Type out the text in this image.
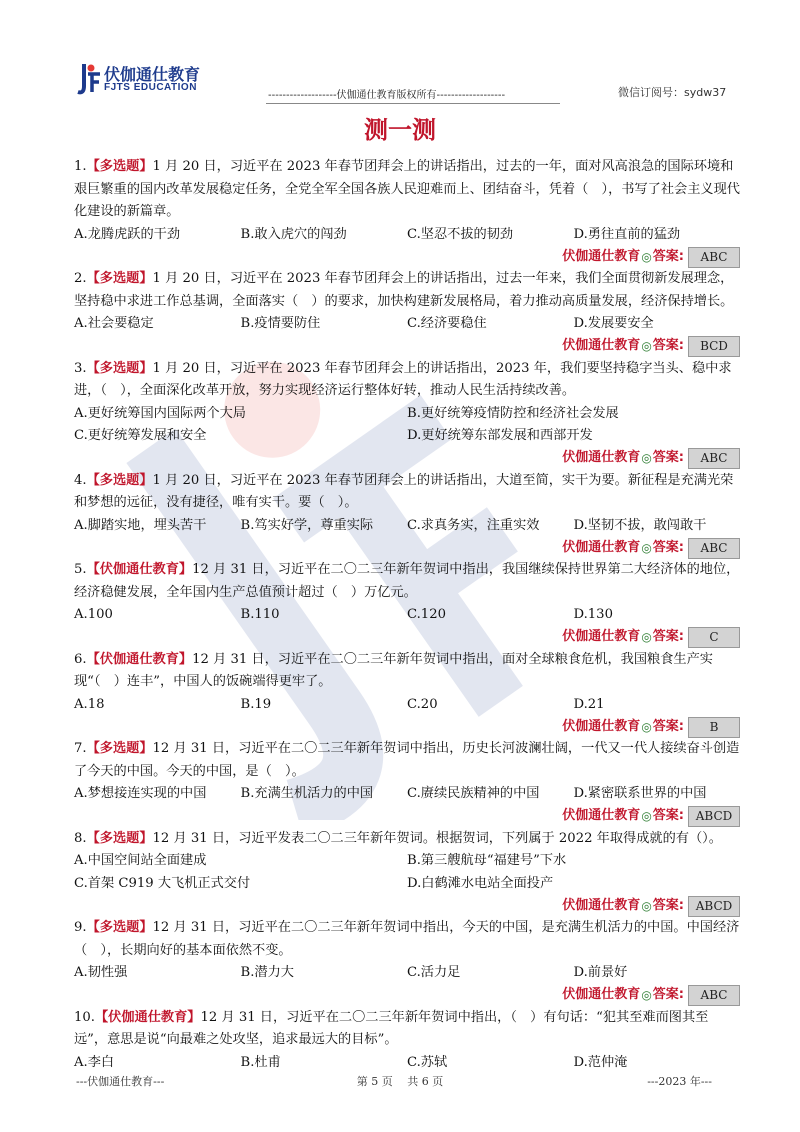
伏伽通仕教育
FJTS EDUCATION
-------------------伏伽通仕教育版权所有-------------------	微信订阅号：sydw37
测一测
1.【多选题】1 月 20 日，习近平在 2023 年春节团拜会上的讲话指出，过去的一年，面对风高浪急的国际环境和艰巨繁重的国内改革发展稳定任务，全党全军全国各族人民迎难而上、团结奋斗，凭着（　），书写了社会主义现代化建设的新篇章。
A.龙腾虎跃的干劲	B.敢入虎穴的闯劲	C.坚忍不拔的韧劲	D.勇往直前的猛劲
伏伽通仕教育 ◎ 答案:	ABC
2.【多选题】1 月 20 日，习近平在 2023 年春节团拜会上的讲话指出，过去一年来，我们全面贯彻新发展理念，坚持稳中求进工作总基调，全面落实（　）的要求，加快构建新发展格局，着力推动高质量发展，经济保持增长。
A.社会要稳定	B.疫情要防住	C.经济要稳住	D.发展要安全
伏伽通仕教育 ◎ 答案:	BCD
3.【多选题】1 月 20 日，习近平在 2023 年春节团拜会上的讲话指出，2023 年，我们要坚持稳字当头、稳中求进，（　），全面深化改革开放，努力实现经济运行整体好转，推动人民生活持续改善。
A.更好统筹国内国际两个大局	B.更好统筹疫情防控和经济社会发展
C.更好统筹发展和安全	D.更好统筹东部发展和西部开发
伏伽通仕教育 ◎ 答案:	ABC
4.【多选题】1 月 20 日，习近平在 2023 年春节团拜会上的讲话指出，大道至简，实干为要。新征程是充满光荣和梦想的远征，没有捷径，唯有实干。要（　）。
A.脚踏实地，埋头苦干	B.笃实好学，尊重实际	C.求真务实，注重实效	D.坚韧不拔，敢闯敢干
伏伽通仕教育 ◎ 答案:	ABC
5.【伏伽通仕教育】12 月 31 日，习近平在二〇二三年新年贺词中指出，我国继续保持世界第二大经济体的地位，经济稳健发展，全年国内生产总值预计超过（　）万亿元。
A.100	B.110	C.120	D.130
伏伽通仕教育 ◎ 答案:	C
6.【伏伽通仕教育】12 月 31 日，习近平在二〇二三年新年贺词中指出，面对全球粮食危机，我国粮食生产实现“（　）连丰”，中国人的饭碗端得更牢了。
A.18	B.19	C.20	D.21
伏伽通仕教育 ◎ 答案:	B
7.【多选题】12 月 31 日，习近平在二〇二三年新年贺词中指出，历史长河波澜壮阔，一代又一代人接续奋斗创造了今天的中国。今天的中国，是（　）。
A.梦想接连实现的中国	B.充满生机活力的中国	C.赓续民族精神的中国	D.紧密联系世界的中国
伏伽通仕教育 ◎ 答案: ABCD
8.【多选题】12 月 31 日，习近平发表二〇二三年新年贺词。根据贺词，下列属于 2022 年取得成就的有（）。
A.中国空间站全面建成	B.第三艘航母“福建号”下水
C.首架 C919 大飞机正式交付	D.白鹤滩水电站全面投产
伏伽通仕教育 ◎ 答案: ABCD
9.【多选题】12 月 31 日，习近平在二〇二三年新年贺词中指出，今天的中国，是充满生机活力的中国。中国经济（　），长期向好的基本面依然不变。
A.韧性强	B.潜力大	C.活力足	D.前景好
伏伽通仕教育 ◎ 答案:	ABC
10.【伏伽通仕教育】12 月 31 日，习近平在二〇二三年新年贺词中指出，（　）有句话：“犯其至难而图其至远”，意思是说“向最难之处攻坚，追求最远大的目标”。
A.李白	B.杜甫	C.苏轼	D.范仲淹
---伏伽通仕教育---	第 5 页　 共 6 页	---2023 年---
